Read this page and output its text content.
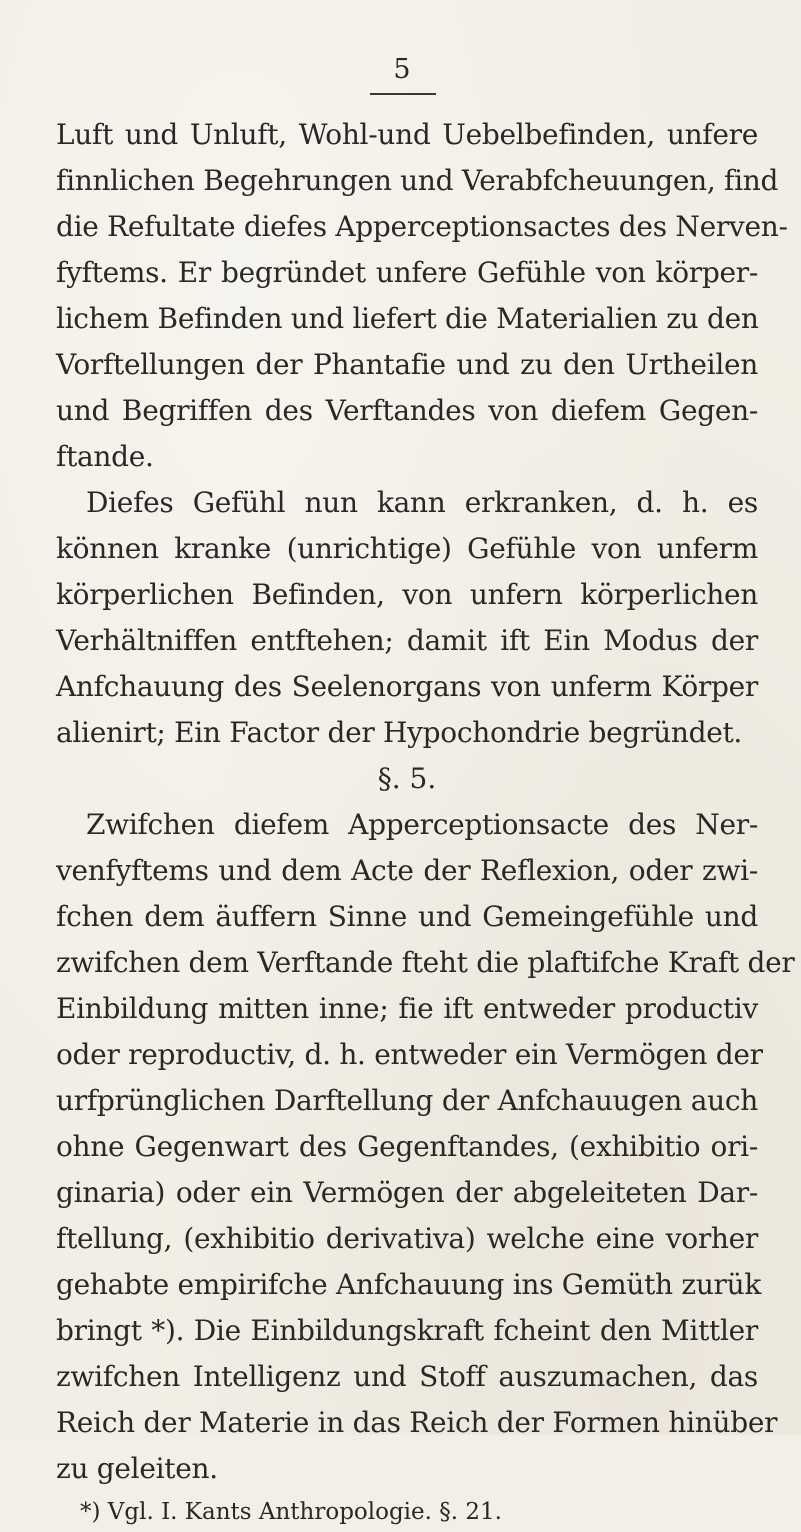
5
Luft und Unluft, Wohl-und Uebelbefinden, unfere
finnlichen Begehrungen und Verabfcheuungen, find
die Refultate diefes Apperceptionsactes des Nerven-
fyftems. Er begründet unfere Gefühle von körper-
lichem Befinden und liefert die Materialien zu den
Vorftellungen der Phantafie und zu den Urtheilen
und Begriffen des Verftandes von diefem Gegen-
ftande.
Diefes Gefühl nun kann erkranken, d. h. es
können kranke (unrichtige) Gefühle von unferm
körperlichen Befinden, von unfern körperlichen
Verhältniffen entftehen; damit ift Ein Modus der
Anfchauung des Seelenorgans von unferm Körper
alienirt; Ein Factor der Hypochondrie begründet.
§. 5.
Zwifchen diefem Apperceptionsacte des Ner-
venfyftems und dem Acte der Reflexion, oder zwi-
fchen dem äuffern Sinne und Gemeingefühle und
zwifchen dem Verftande fteht die plaftifche Kraft der
Einbildung mitten inne; fie ift entweder productiv
oder reproductiv, d. h. entweder ein Vermögen der
urfprünglichen Darftellung der Anfchauugen auch
ohne Gegenwart des Gegenftandes, (exhibitio ori-
ginaria) oder ein Vermögen der abgeleiteten Dar-
ftellung, (exhibitio derivativa) welche eine vorher
gehabte empirifche Anfchauung ins Gemüth zurük
bringt *). Die Einbildungskraft fcheint den Mittler
zwifchen Intelligenz und Stoff auszumachen, das
Reich der Materie in das Reich der Formen hinüber
zu geleiten.
*) Vgl. I. Kants Anthropologie. §. 21.
